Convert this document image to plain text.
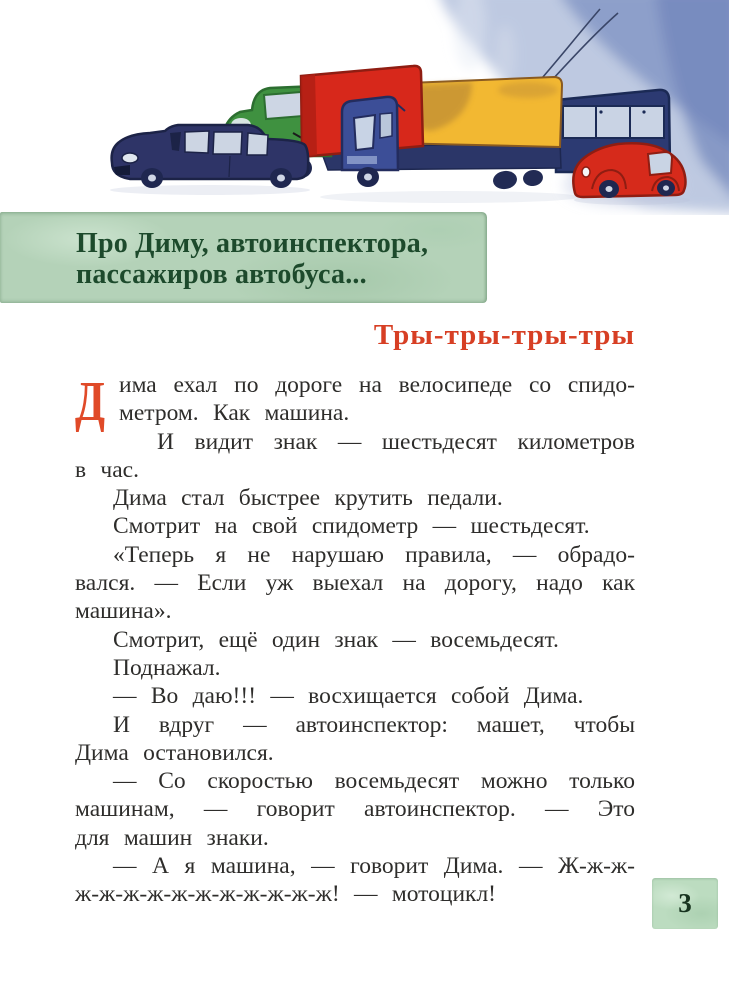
Про Диму, автоинспектора,
пассажиров автобуса...
Тры-тры-тры-тры
Д има ехал по дороге на велосипеде со спидо-
метром. Как машина.
И видит знак — шестьдесят километров
в час.
Дима стал быстрее крутить педали.
Смотрит на свой спидометр — шестьдесят.
«Теперь я не нарушаю правила, — обрадо-
вался. — Если уж выехал на дорогу, надо как
машина».
Смотрит, ещё один знак — восемьдесят.
Поднажал.
— Во даю!!! — восхищается собой Дима.
И вдруг — автоинспектор: машет, чтобы
Дима остановился.
— Со скоростью восемьдесят можно только
машинам, — говорит автоинспектор. — Это
для машин знаки.
— А я машина, — говорит Дима. — Ж-ж-ж-
ж-ж-ж-ж-ж-ж-ж-ж-ж-ж-ж! — мотоцикл!	3
